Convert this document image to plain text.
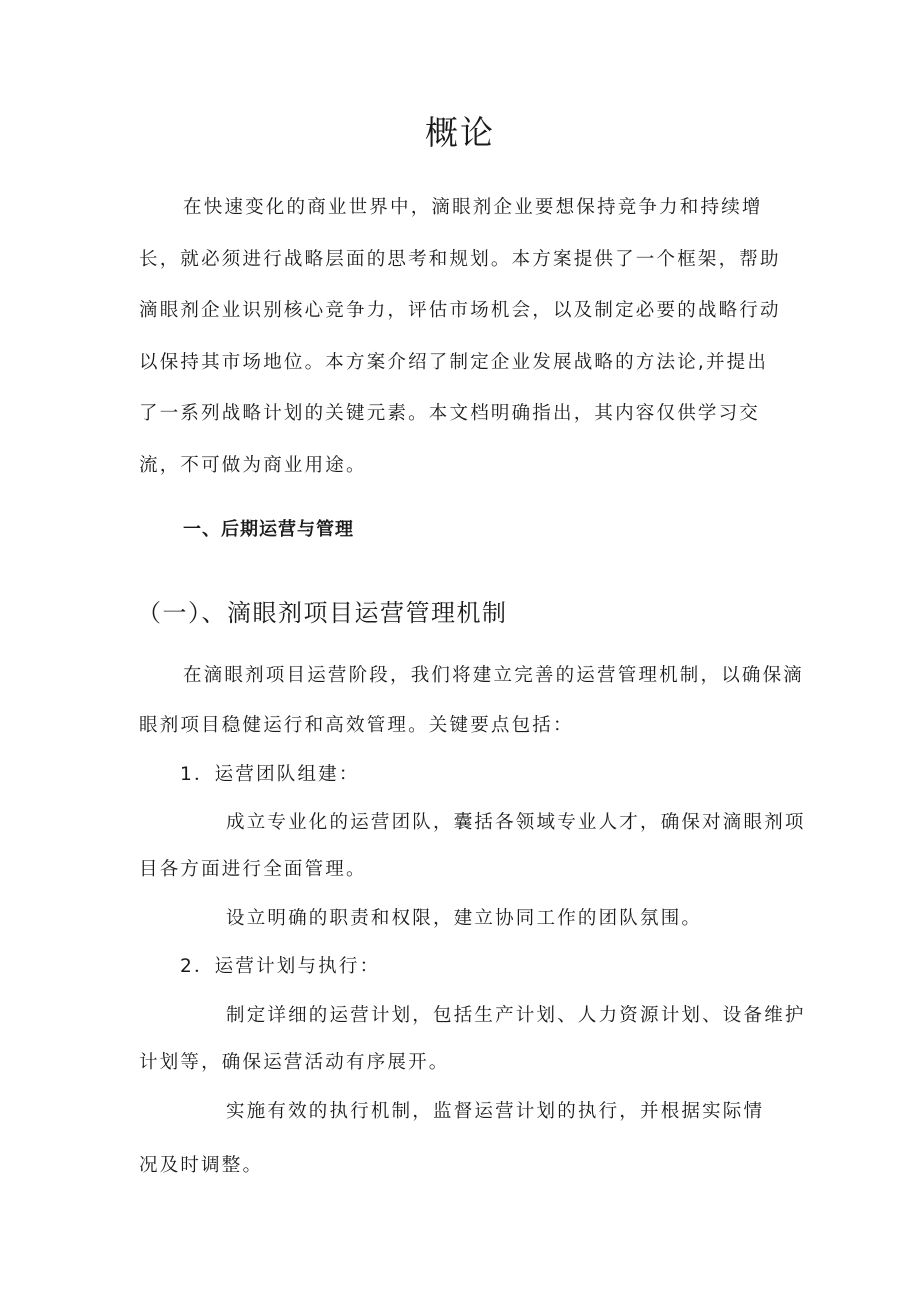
概论

在快速变化的商业世界中，滴眼剂企业要想保持竞争力和持续增长，就必须进行战略层面的思考和规划。本方案提供了一个框架，帮助滴眼剂企业识别核心竞争力，评估市场机会，以及制定必要的战略行动以保持其市场地位。本方案介绍了制定企业发展战略的方法论,并提出了一系列战略计划的关键元素。本文档明确指出，其内容仅供学习交流，不可做为商业用途。

一、后期运营与管理
（一）、滴眼剂项目运营管理机制
在滴眼剂项目运营阶段，我们将建立完善的运营管理机制，以确保滴
眼剂项目稳健运行和高效管理。关键要点包括：
1．运营团队组建：
成立专业化的运营团队，囊括各领域专业人才，确保对滴眼剂项
目各方面进行全面管理。
设立明确的职责和权限，建立协同工作的团队氛围。
2．运营计划与执行：
制定详细的运营计划，包括生产计划、人力资源计划、设备维护
计划等，确保运营活动有序展开。
实施有效的执行机制，监督运营计划的执行，并根据实际情
况及时调整。
